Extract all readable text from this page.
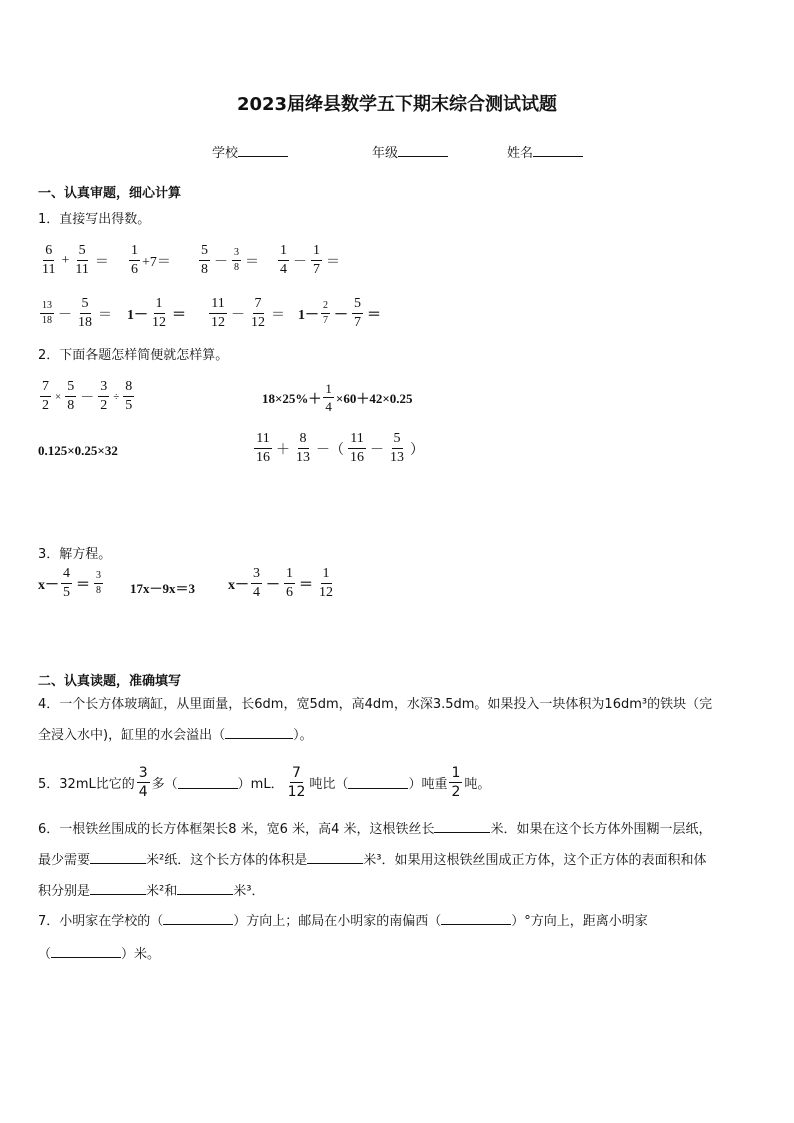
2023届绛县数学五下期末综合测试试题
学校	年级	姓名
一、认真审题，细心计算
1．直接写出得数。
$\frac{6}{11} + \frac{5}{11} = \frac{1}{6} +7= \frac{5}{8} - \frac{3}{8} = \frac{1}{4} - \frac{1}{7}$ ＝
$\frac{13}{18} - \frac{5}{18} = 1- \frac{1}{12} = \frac{11}{12} - \frac{7}{12} = 1- \frac{2}{7} - \frac{5}{7}$ ＝
2．下面各题怎样简便就怎样算。
$\frac{7}{2} \times \frac{5}{8} - \frac{3}{2} \div \frac{8}{5}$	$18\times 25\%+ \frac{1}{4} \times 60+42\times 0.25$
0.125×0.25×32	$\frac{11}{16} + \frac{8}{13}$ －（ $\frac{11}{16} - \frac{5}{13}$ ）
3．解方程。
$x- \frac{4}{5} = \frac{3}{8} 17x-9x=3$ $x- \frac{3}{4} - \frac{1}{6} = \frac{1}{12}$
二、认真读题，准确填写
4．一个长方体玻璃缸，从里面量，长6dm，宽5dm，高4dm，水深3.5dm。如果投入一块体积为16dm³的铁块（完
全浸入水中)，缸里的水会溢出（	）。
5．32mL比它的 $\frac{3}{4}$ 多（	）mL． $\frac{7}{12}$ 吨比（	）吨重 $\frac{1}{2}$ 吨。
6．一根铁丝围成的长方体框架长8 米，宽6 米，高4 米，这根铁丝长	米．如果在这个长方体外围糊一层纸，
最少需要	米²纸．这个长方体的体积是	米³．如果用这根铁丝围成正方体，这个正方体的表面积和体
积分别是	米²和	米³．
7．小明家在学校的（	）方向上；邮局在小明家的南偏西（	）°方向上，距离小明家
（	）米。
